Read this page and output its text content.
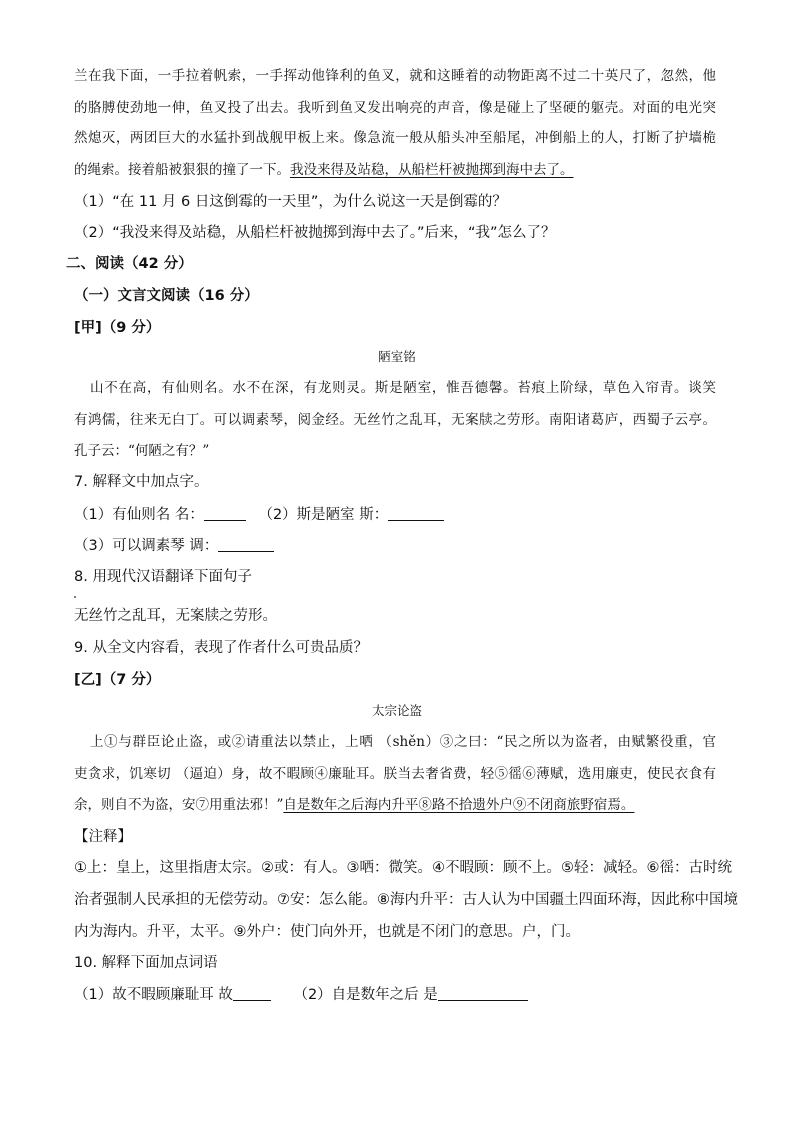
兰在我下面，一手拉着帆索，一手挥动他锋利的鱼叉，就和这睡着的动物距离不过二十英尺了，忽然，他
的胳膊使劲地一伸，鱼叉投了出去。我听到鱼叉发出响亮的声音，像是碰上了坚硬的躯壳。对面的电光突
然熄灭，两团巨大的水猛扑到战舰甲板上来。像急流一般从船头冲至船尾，冲倒船上的人，打断了护墙桅
的绳索。接着船被狠狠的撞了一下。我没来得及站稳，从船栏杆被抛掷到海中去了。
（1）“在 11 月 6 日这倒霉的一天里”，为什么说这一天是倒霉的？
（2）“我没来得及站稳，从船栏杆被抛掷到海中去了。”后来，“我”怎么了？
二、阅读（42 分）
（一）文言文阅读（16 分）
[甲]（9 分）
陋室铭
山不在高，有仙则名。水不在深，有龙则灵。斯是陋室，惟吾德馨。苔痕上阶绿，草色入帘青。谈笑
有鸿儒，往来无白丁。可以调素琴，阅金经。无丝竹之乱耳，无案牍之劳形。南阳诸葛庐，西蜀子云亭。
孔子云：“何陋之有？”
7. 解释文中加点字。
（1）有仙则名 名：	（2）斯是陋室 斯：
（3）可以调素琴 调：
8. 用现代汉语翻译下面句子
无丝竹之乱耳，无案牍之劳形。
9. 从全文内容看，表现了作者什么可贵品质？
[乙]（7 分）
太宗论盗
上①与群臣论止盗，或②请重法以禁止，上哂 （shěn）③之曰：“民之所以为盗者，由赋繁役重，官
吏贪求，饥寒切 （逼迫）身，故不暇顾④廉耻耳。朕当去奢省费，轻⑤徭⑥薄赋，选用廉吏，使民衣食有
余，则自不为盗，安⑦用重法邪！”自是数年之后海内升平⑧路不拾遗外户⑨不闭商旅野宿焉。
【注释】
①上：皇上，这里指唐太宗。②或：有人。③哂：微笑。④不暇顾：顾不上。⑤轻：减轻。⑥徭：古时统
治者强制人民承担的无偿劳动。⑦安：怎么能。⑧海内升平：古人认为中国疆土四面环海，因此称中国境
内为海内。升平，太平。⑨外户：使门向外开，也就是不闭门的意思。户，门。
10. 解释下面加点词语
（1）故不暇顾廉耻耳 故	（2）自是数年之后 是
